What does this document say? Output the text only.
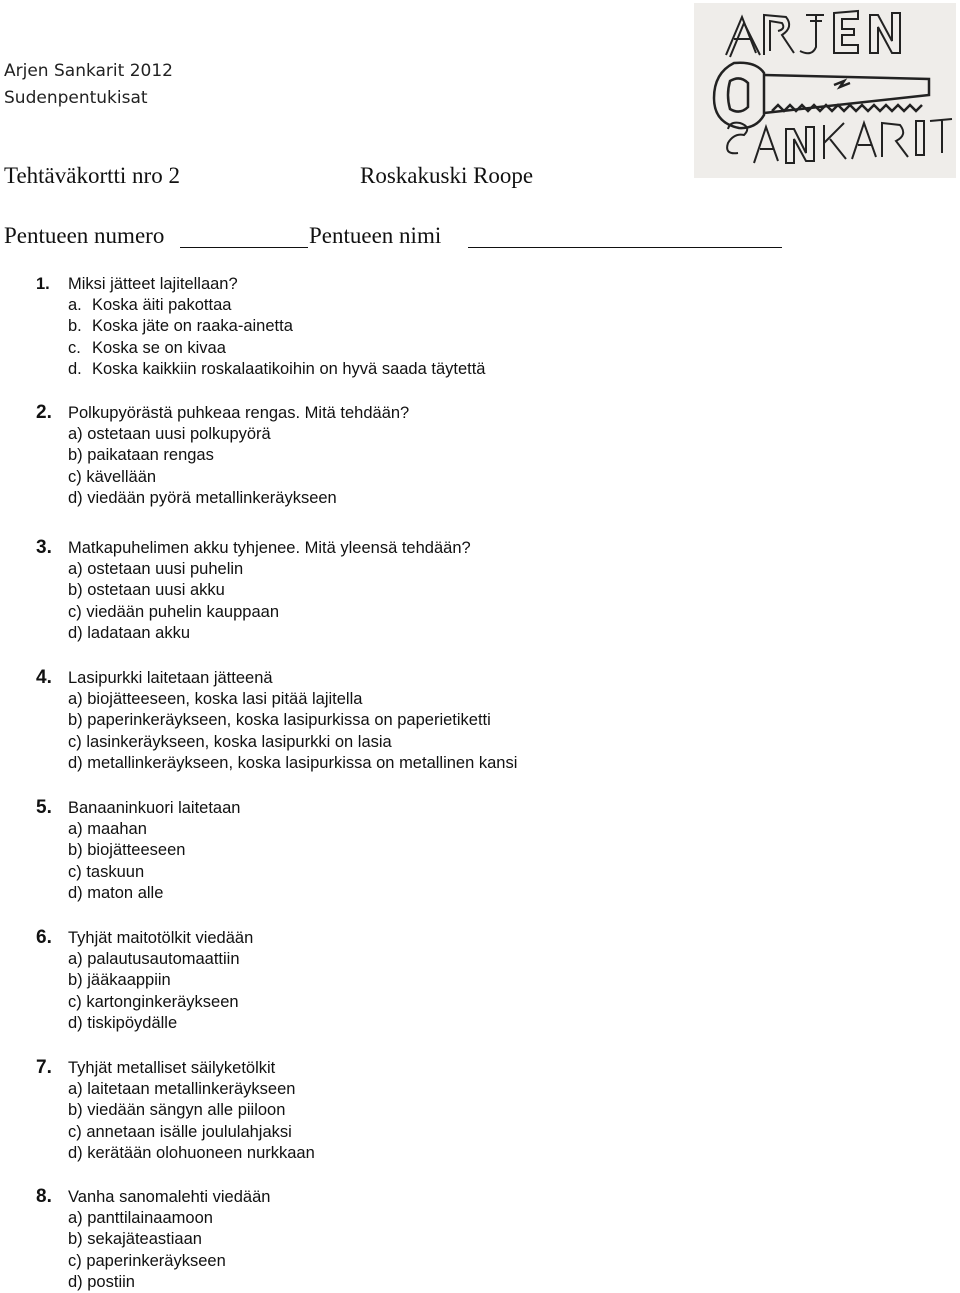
Arjen Sankarit 2012
Sudenpentukisat
Tehtäväkortti nro 2	Roskakuski Roope
Pentueen numero	Pentueen nimi
1. Miksi jätteet lajitellaan?
a. Koska äiti pakottaa
b. Koska jäte on raaka-ainetta
c. Koska se on kivaa
d. Koska kaikkiin roskalaatikoihin on hyvä saada täytettä
2. Polkupyörästä puhkeaa rengas. Mitä tehdään?
a) ostetaan uusi polkupyörä
b) paikataan rengas
c) kävellään
d) viedään pyörä metallinkeräykseen
3. Matkapuhelimen akku tyhjenee. Mitä yleensä tehdään?
a) ostetaan uusi puhelin
b) ostetaan uusi akku
c) viedään puhelin kauppaan
d) ladataan akku
4. Lasipurkki laitetaan jätteenä
a) biojätteeseen, koska lasi pitää lajitella
b) paperinkeräykseen, koska lasipurkissa on paperietiketti
c) lasinkeräykseen, koska lasipurkki on lasia
d) metallinkeräykseen, koska lasipurkissa on metallinen kansi
5. Banaaninkuori laitetaan
a) maahan
b) biojätteeseen
c) taskuun
d) maton alle
6. Tyhjät maitotölkit viedään
a) palautusautomaattiin
b) jääkaappiin
c) kartonginkeräykseen
d) tiskipöydälle
7. Tyhjät metalliset säilyketölkit
a) laitetaan metallinkeräykseen
b) viedään sängyn alle piiloon
c) annetaan isälle joululahjaksi
d) kerätään olohuoneen nurkkaan
8. Vanha sanomalehti viedään
a) panttilainaamoon
b) sekajäteastiaan
c) paperinkeräykseen
d) postiin
